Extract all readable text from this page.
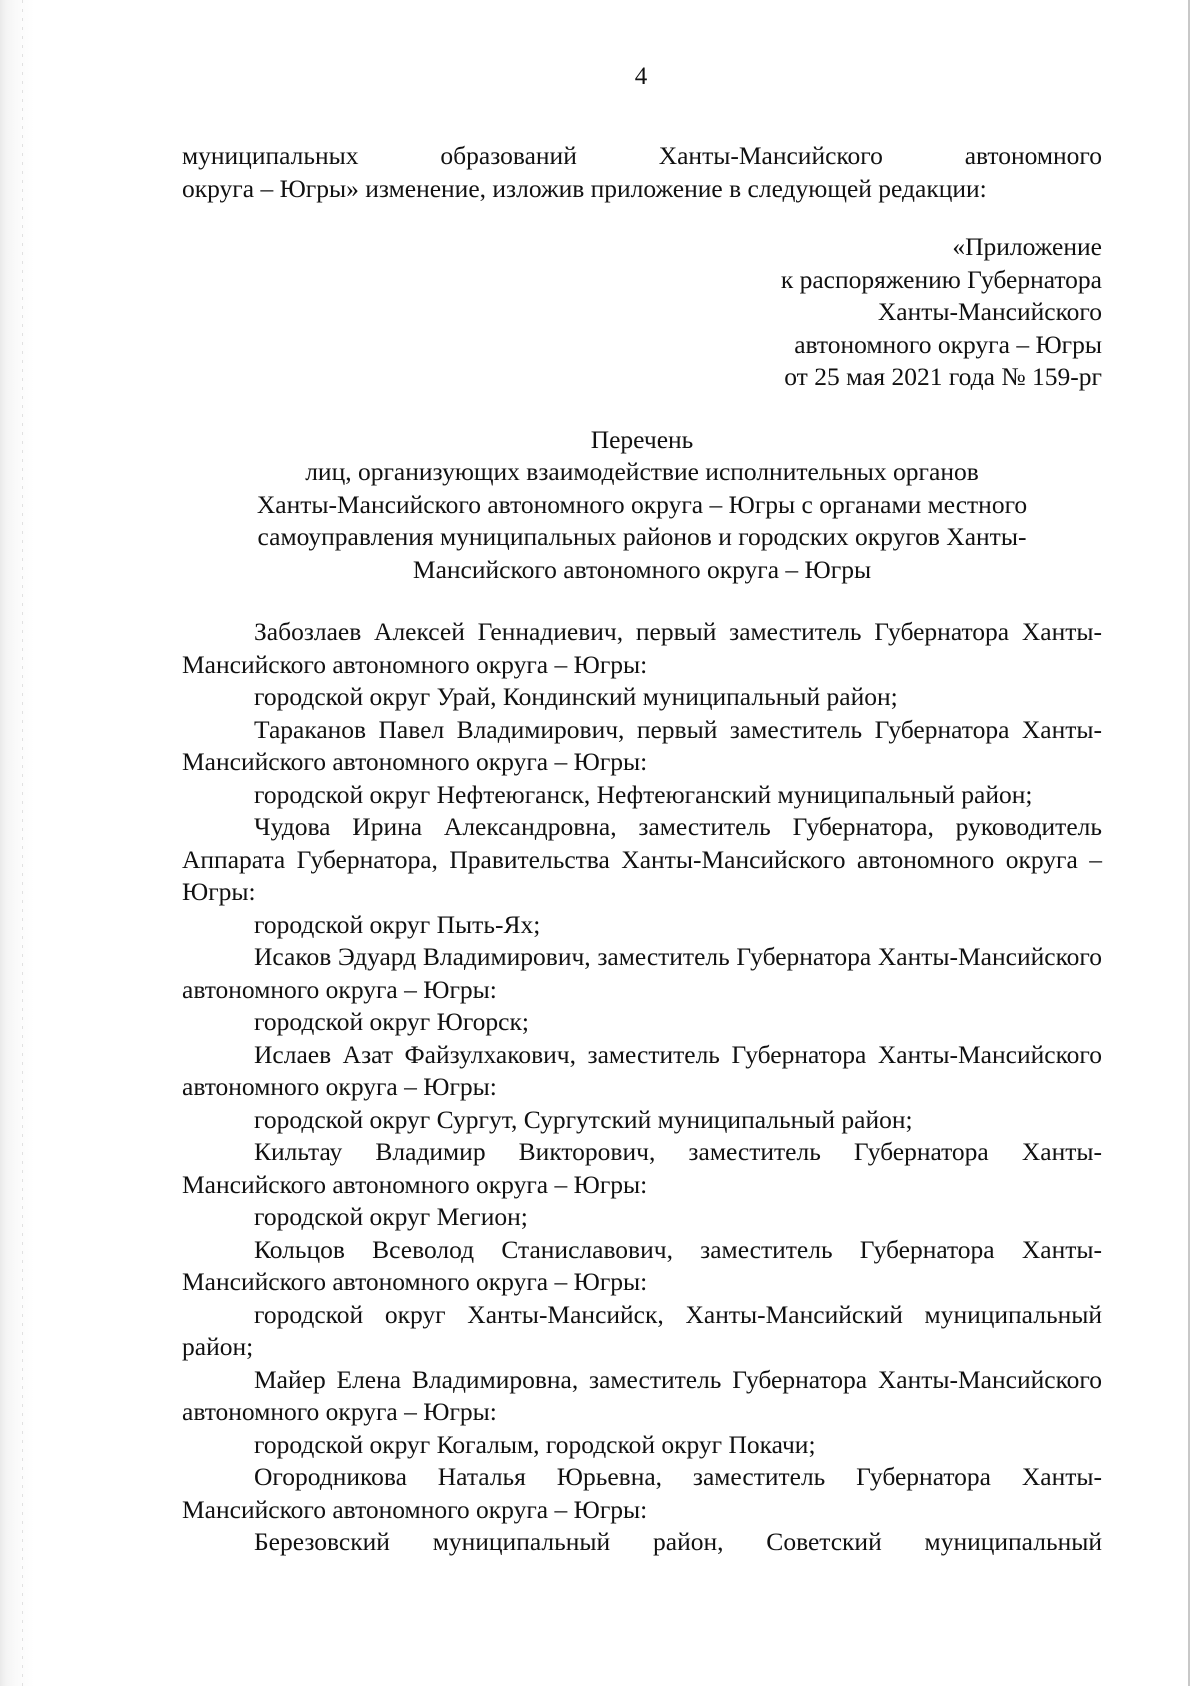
4

муниципальных образований Ханты-Мансийского автономного

округа – Югры» изменение, изложив приложение в следующей редакции:

«Приложение
к распоряжению Губернатора
Ханты-Мансийского
автономного округа – Югры
от 25 мая 2021 года № 159-рг
Перечень
лиц, организующих взаимодействие исполнительных органов
Ханты-Мансийского автономного округа – Югры с органами местного
самоуправления муниципальных районов и городских округов Ханты-
Мансийского автономного округа – Югры

Забозлаев Алексей Геннадиевич, первый заместитель Губернатора Ханты-Мансийского автономного округа – Югры:

городской округ Урай, Кондинский муниципальный район;

Тараканов Павел Владимирович, первый заместитель Губернатора Ханты-Мансийского автономного округа – Югры:

городской округ Нефтеюганск, Нефтеюганский муниципальный район;

Чудова Ирина Александровна, заместитель Губернатора, руководитель Аппарата Губернатора, Правительства Ханты-Мансийского автономного округа – Югры:

городской округ Пыть-Ях;

Исаков Эдуард Владимирович, заместитель Губернатора Ханты-Мансийского автономного округа – Югры:

городской округ Югорск;

Ислаев Азат Файзулхакович, заместитель Губернатора Ханты-Мансийского автономного округа – Югры:

городской округ Сургут, Сургутский муниципальный район;

Кильтау Владимир Викторович, заместитель Губернатора Ханты-Мансийского автономного округа – Югры:

городской округ Мегион;

Кольцов Всеволод Станиславович, заместитель Губернатора Ханты-Мансийского автономного округа – Югры:

городской округ Ханты-Мансийск, Ханты-Мансийский муниципальный район;

Майер Елена Владимировна, заместитель Губернатора Ханты-Мансийского автономного округа – Югры:

городской округ Когалым, городской округ Покачи;

Огородникова Наталья Юрьевна, заместитель Губернатора Ханты-Мансийского автономного округа – Югры:

Березовский муниципальный район, Советский муниципальный
